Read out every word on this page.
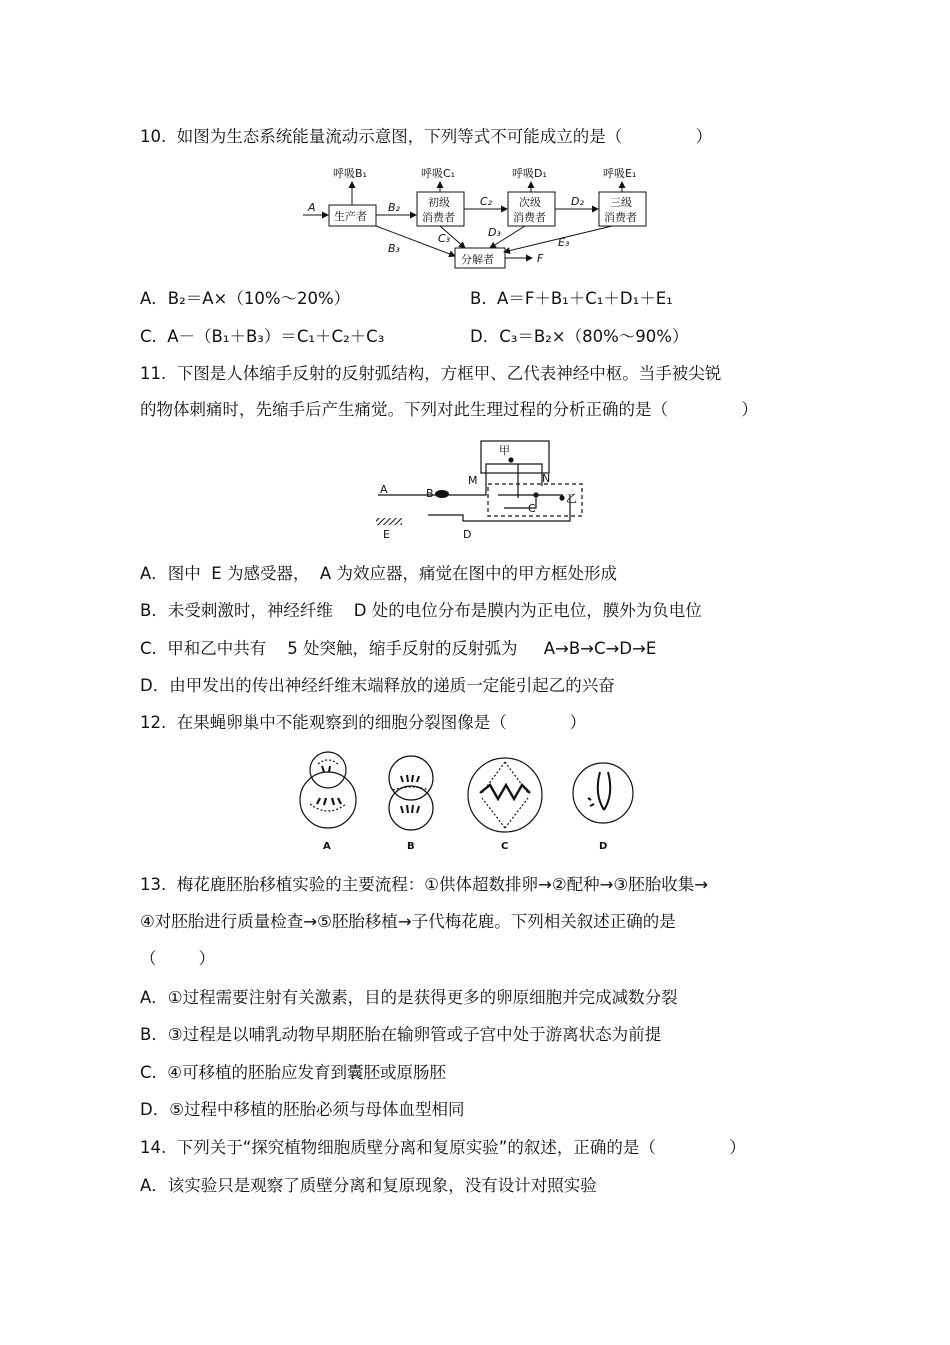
10.  如图为生态系统能量流动示意图，下列等式不可能成立的是（              ）
呼吸B₁	呼吸C₁	呼吸D₁	呼吸E₁
A
生产者
B₂	初级
消费者
C₂ 次级
消费者
D₂ 三级
消费者
C₃	D₃
E₃
B₃
分解者	F
A．B₂＝A×（10%～20%）	B.  A＝F＋B₁＋C₁＋D₁＋E₁
C.  A－（B₁＋B₃）＝C₁＋C₂＋C₃	D．C₃＝B₂×（80%～90%）
11.  下图是人体缩手反射的反射弧结构，方框甲、乙代表神经中枢。当手被尖锐
的物体刺痛时，先缩手后产生痛觉。下列对此生理过程的分析正确的是（              ）
甲
N
M
A	B
C
乙
E	D
A．图中  E 为感受器，  A 为效应器，痛觉在图中的甲方框处形成
B．未受刺激时，神经纤维    D 处的电位分布是膜内为正电位，膜外为负电位
C.  甲和乙中共有    5 处突触，缩手反射的反射弧为     A→B→C→D→E
D．由甲发出的传出神经纤维末端释放的递质一定能引起乙的兴奋
12.  在果蝇卵巢中不能观察到的细胞分裂图像是（            ）
A	B	C	D
13.  梅花鹿胚胎移植实验的主要流程：①供体超数排卵→②配种→③胚胎收集→
④对胚胎进行质量检查→⑤胚胎移植→子代梅花鹿。下列相关叙述正确的是
（        ）
A．①过程需要注射有关激素，目的是获得更多的卵原细胞并完成减数分裂
B．③过程是以哺乳动物早期胚胎在输卵管或子宫中处于游离状态为前提
C.  ④可移植的胚胎应发育到囊胚或原肠胚
D．⑤过程中移植的胚胎必须与母体血型相同
14.  下列关于“探究植物细胞质壁分离和复原实验”的叙述，正确的是（              ）
A．该实验只是观察了质壁分离和复原现象，没有设计对照实验
